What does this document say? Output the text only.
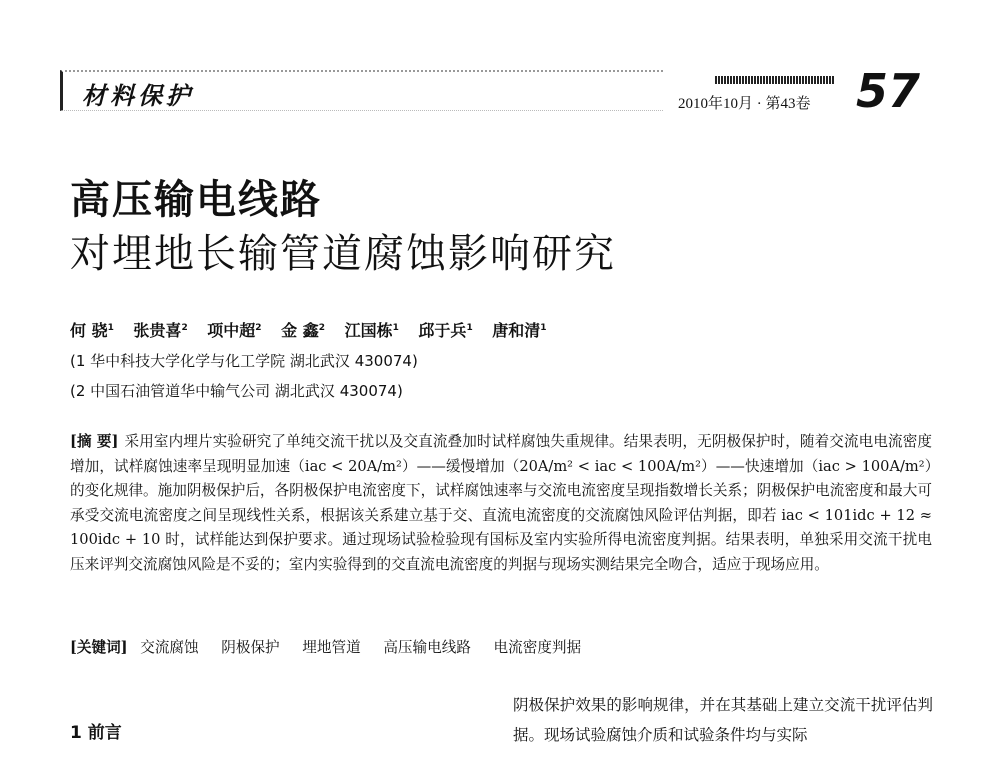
材料保护	2010年10月 · 第43卷 57
高压输电线路
对埋地长输管道腐蚀影响研究
何 骁$^1$ 张贵喜$^2$ 项中超$^2$ 金 鑫$^2$ 江国栋$^1$ 邱于兵$^1$ 唐和清$^1$
(1 华中科技大学化学与化工学院 湖北武汉 430074)
(2 中国石油管道华中输气公司 湖北武汉 430074)
[摘 要] 采用室内埋片实验研究了单纯交流干扰以及交直流叠加时试样腐蚀失重规律。结果表明，无阴极保护时，随着交流电电流密度增加，试样腐蚀速率呈现明显加速（iac < 20A/m²）——缓慢增加（20A/m² < iac < 100A/m²）——快速增加（iac > 100A/m²）的变化规律。施加阴极保护后，各阴极保护电流密度下，试样腐蚀速率与交流电流密度呈现指数增长关系；阴极保护电流密度和最大可承受交流电流密度之间呈现线性关系，根据该关系建立基于交、直流电流密度的交流腐蚀风险评估判据，即若 iac < 101idc + 12 ≈ 100idc + 10 时，试样能达到保护要求。通过现场试验检验现有国标及室内实验所得电流密度判据。结果表明，单独采用交流干扰电压来评判交流腐蚀风险是不妥的；室内实验得到的交直流电流密度的判据与现场实测结果完全吻合，适应于现场应用。
[关键词] 交流腐蚀 阴极保护 埋地管道 高压输电线路 电流密度判据
1 前言
阴极保护效果的影响规律，并在其基础上建立交流干扰评估判据。现场试验腐蚀介质和试验条件均与实际
